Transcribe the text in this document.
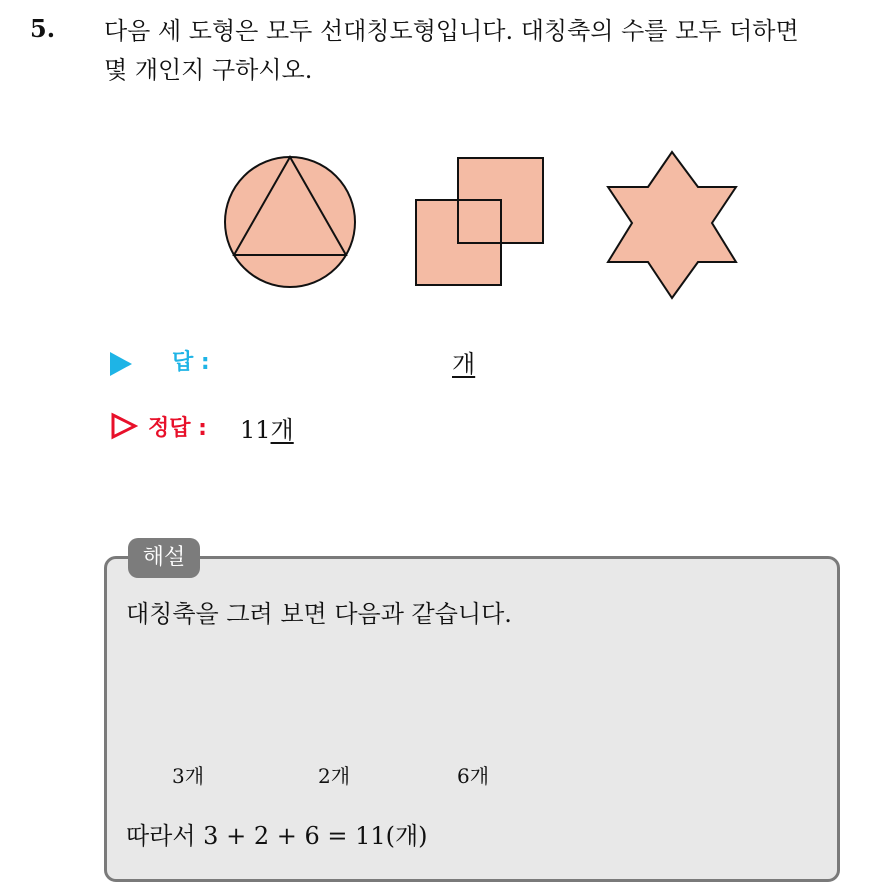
5. 다음 세 도형은 모두 선대칭도형입니다. 대칭축의 수를 모두 더하면
몇 개인지 구하시오.
답 :	개
정답 : 11개
해설
대칭축을 그려 보면 다음과 같습니다.
3개	2개	6개
따라서 3 + 2 + 6 = 11(개)
